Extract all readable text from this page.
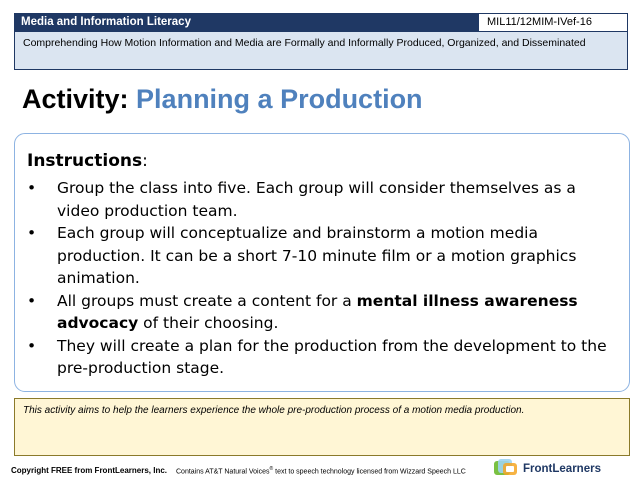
Media and Information Literacy	MIL11/12MIM-IVef-16
Comprehending How Motion Information and Media are Formally and Informally Produced, Organized, and Disseminated
Activity: Planning a Production
Instructions:
• Group the class into five. Each group will consider themselves as a video production team.
• Each group will conceptualize and brainstorm a motion media production. It can be a short 7-10 minute film or a motion graphics animation.
• All groups must create a content for a mental illness awareness advocacy of their choosing.
• They will create a plan for the production from the development to the pre-production stage.
This activity aims to help the learners experience the whole pre-production process of a motion media production.
Copyright FREE from FrontLearners, Inc. Contains AT&T Natural Voices® text to speech technology licensed from Wizzard Speech LLC	FrontLearners
